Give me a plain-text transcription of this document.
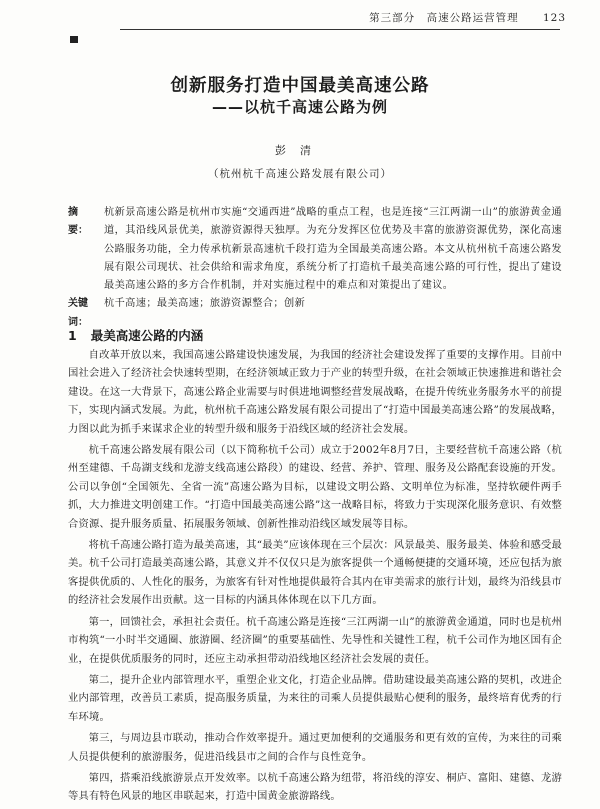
第三部分　高速公路运营管理 123
创新服务打造中国最美高速公路
——以杭千高速公路为例
彭清
（杭州杭千高速公路发展有限公司）
摘　要：
杭新景高速公路是杭州市实施“交通西进”战略的重点工程，也是连接“三江两湖一山”的旅游黄金通道，其沿线风景优美，旅游资源得天独厚。为充分发挥区位优势及丰富的旅游资源优势，深化高速公路服务功能，全力传承杭新景高速杭千段打造为全国最美高速公路。本文从杭州杭千高速公路发展有限公司现状、社会供给和需求角度，系统分析了打造杭千最美高速公路的可行性，提出了建设最美高速公路的多方合作机制，并对实施过程中的难点和对策提出了建议。
关键词：
杭千高速；最美高速；旅游资源整合；创新
1 最美高速公路的内涵

自改革开放以来，我国高速公路建设快速发展，为我国的经济社会建设发挥了重要的支撑作用。目前中国社会进入了经济社会快速转型期，在经济领域正致力于产业的转型升级，在社会领域正快速推进和谐社会建设。在这一大背景下，高速公路企业需要与时俱进地调整经营发展战略，在提升传统业务服务水平的前提下，实现内涵式发展。为此，杭州杭千高速公路发展有限公司提出了“打造中国最美高速公路”的发展战略，力图以此为抓手来谋求企业的转型升级和服务于沿线区域的经济社会发展。

杭千高速公路发展有限公司（以下简称杭千公司）成立于2002年8月7日，主要经营杭千高速公路（杭州至建德、千岛湖支线和龙游支线高速公路段）的建设、经营、养护、管理、服务及公路配套设施的开发。公司以争创“全国领先、全省一流”高速公路为目标，以建设文明公路、文明单位为标准，坚持软硬件两手抓，大力推进文明创建工作。“打造中国最美高速公路”这一战略目标，将致力于实现深化服务意识、有效整合资源、提升服务质量、拓展服务领域、创新性推动沿线区域发展等目标。

将杭千高速公路打造为最美高速，其“最美”应该体现在三个层次：风景最美、服务最美、体验和感受最美。杭千公司打造最美高速公路，其意义并不仅仅只是为旅客提供一个通畅便捷的交通环境，还应包括为旅客提供优质的、人性化的服务，为旅客有针对性地提供最符合其内在审美需求的旅行计划，最终为沿线县市的经济社会发展作出贡献。这一目标的内涵具体体现在以下几方面。

第一，回馈社会，承担社会责任。杭千高速公路是连接“三江两湖一山”的旅游黄金通道，同时也是杭州市构筑“一小时半交通圈、旅游圈、经济圈”的重要基础性、先导性和关键性工程，杭千公司作为地区国有企业，在提供优质服务的同时，还应主动承担带动沿线地区经济社会发展的责任。

第二，提升企业内部管理水平，重塑企业文化，打造企业品牌。借助建设最美高速公路的契机，改进企业内部管理，改善员工素质，提高服务质量，为来往的司乘人员提供最贴心便利的服务，最终培育优秀的行车环境。

第三，与周边县市联动，推动合作效率提升。通过更加便利的交通服务和更有效的宣传，为来往的司乘人员提供便利的旅游服务，促进沿线县市之间的合作与良性竞争。

第四，搭乘沿线旅游景点开发效率。以杭千高速公路为纽带，将沿线的淳安、桐庐、富阳、建德、龙游等具有特色风景的地区串联起来，打造中国黄金旅游路线。
